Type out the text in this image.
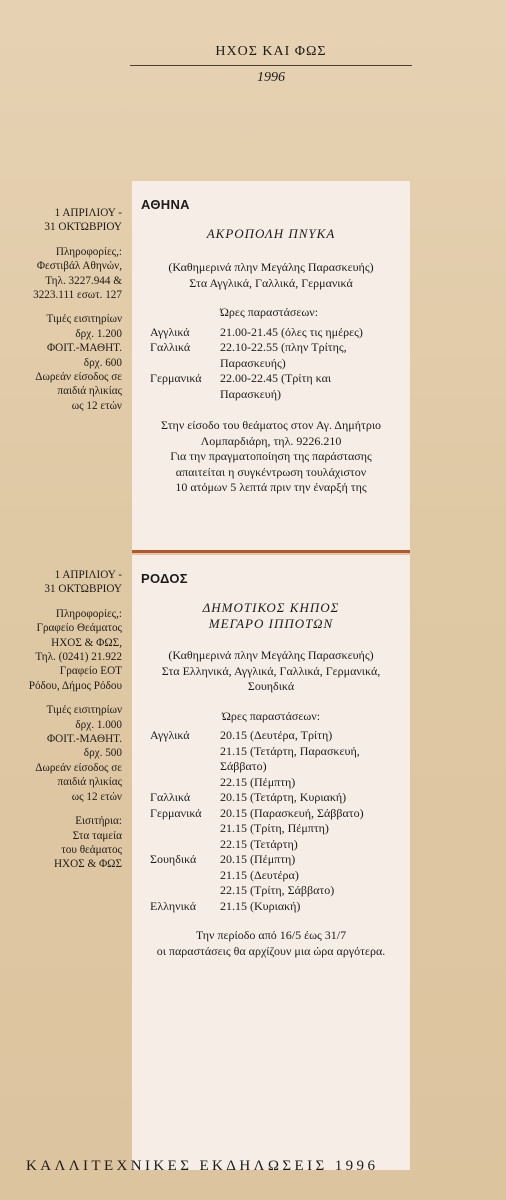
ΗΧΟΣ ΚΑΙ ΦΩΣ
1996
1 ΑΠΡΙΛΙΟΥ -
31 ΟΚΤΩΒΡΙΟΥ
Πληροφορίες,:
Φεστιβάλ Αθηνών,
Τηλ. 3227.944 &
3223.111 εσωτ. 127
Τιμές εισιτηρίων
δρχ. 1.200
ΦΟΙΤ.-ΜΑΘΗΤ.
δρχ. 600
Δωρεάν είσοδος σε
παιδιά ηλικίας
ως 12 ετών
ΑΘΗΝΑ
ΑΚΡΟΠΟΛΗ ΠΝΥΚΑ
(Καθημερινά πλην Μεγάλης Παρασκευής)
Στα Αγγλικά, Γαλλικά, Γερμανικά
Ώρες παραστάσεων:
Αγγλικά	21.00-21.45 (όλες τις ημέρες)
Γαλλικά	22.10-22.55 (πλην Τρίτης,
Παρασκευής)
Γερμανικά	22.00-22.45 (Τρίτη και
Παρασκευή)
Στην είσοδο του θεάματος στον Αγ. Δημήτριο
Λομπαρδιάρη, τηλ. 9226.210
Για την πραγματοποίηση της παράστασης
απαιτείται η συγκέντρωση τουλάχιστον
10 ατόμων 5 λεπτά πριν την έναρξή της
1 ΑΠΡΙΛΙΟΥ -
31 ΟΚΤΩΒΡΙΟΥ
Πληροφορίες,:
Γραφείο Θεάματος
ΗΧΟΣ & ΦΩΣ,
Τηλ. (0241) 21.922
Γραφείο ΕΟΤ
Ρόδου, Δήμος Ρόδου
Τιμές εισιτηρίων
δρχ. 1.000
ΦΟΙΤ.-ΜΑΘΗΤ.
δρχ. 500
Δωρεάν είσοδος σε
παιδιά ηλικίας
ως 12 ετών
Εισιτήρια:
Στα ταμεία
του θεάματος
ΗΧΟΣ & ΦΩΣ
ΡΟΔΟΣ
ΔΗΜΟΤΙΚΟΣ ΚΗΠΟΣ
ΜΕΓΑΡΟ ΙΠΠΟΤΩΝ
(Καθημερινά πλην Μεγάλης Παρασκευής)
Στα Ελληνικά, Αγγλικά, Γαλλικά, Γερμανικά,
Σουηδικά
Ώρες παραστάσεων:
Αγγλικά	20.15 (Δευτέρα, Τρίτη)
21.15 (Τετάρτη, Παρασκευή,
Σάββατο)
22.15 (Πέμπτη)
Γαλλικά	20.15 (Τετάρτη, Κυριακή)
Γερμανικά	20.15 (Παρασκευή, Σάββατο)
21.15 (Τρίτη, Πέμπτη)
22.15 (Τετάρτη)
Σουηδικά	20.15 (Πέμπτη)
21.15 (Δευτέρα)
22.15 (Τρίτη, Σάββατο)
Ελληνικά	21.15 (Κυριακή)
Την περίοδο από 16/5 έως 31/7
οι παραστάσεις θα αρχίζουν μια ώρα αργότερα.
ΚΑΛΛΙΤΕΧΝΙΚΕΣ ΕΚΔΗΛΩΣΕΙΣ 1996
